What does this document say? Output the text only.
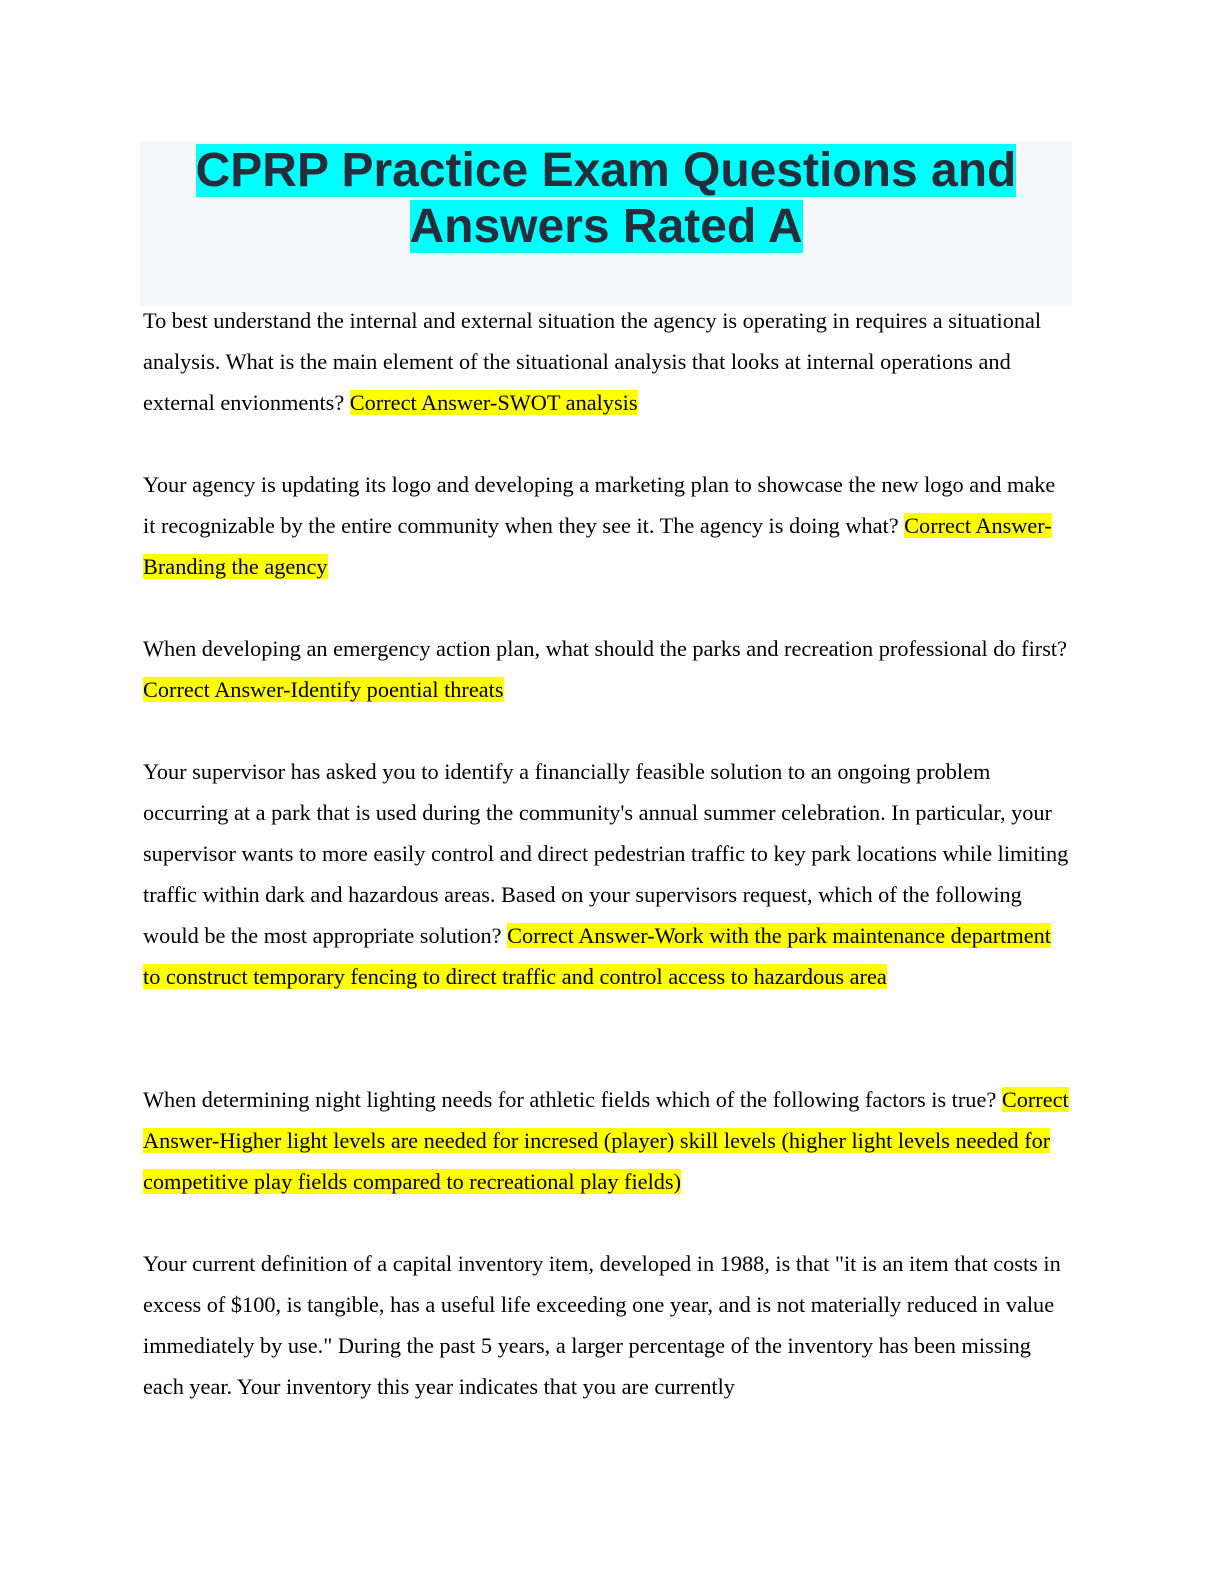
CPRP Practice Exam Questions and
Answers Rated A

To best understand the internal and external situation the agency is operating in requires a situational analysis. What is the main element of the situational analysis that looks at internal operations and external envionments? Correct Answer-SWOT analysis

Your agency is updating its logo and developing a marketing plan to showcase the new logo and make it recognizable by the entire community when they see it. The agency is doing what? Correct Answer-Branding the agency

When developing an emergency action plan, what should the parks and recreation professional do first? Correct Answer-Identify poential threats

Your supervisor has asked you to identify a financially feasible solution to an ongoing problem occurring at a park that is used during the community's annual summer celebration. In particular, your supervisor wants to more easily control and direct pedestrian traffic to key park locations while limiting traffic within dark and hazardous areas. Based on your supervisors request, which of the following would be the most appropriate solution? Correct Answer-Work with the park maintenance department to construct temporary fencing to direct traffic and control access to hazardous area

When determining night lighting needs for athletic fields which of the following factors is true? Correct Answer-Higher light levels are needed for incresed (player) skill levels (higher light levels needed for competitive play fields compared to recreational play fields)

Your current definition of a capital inventory item, developed in 1988, is that "it is an item that costs in excess of $100, is tangible, has a useful life exceeding one year, and is not materially reduced in value immediately by use." During the past 5 years, a larger percentage of the inventory has been missing each year. Your inventory this year indicates that you are currently
